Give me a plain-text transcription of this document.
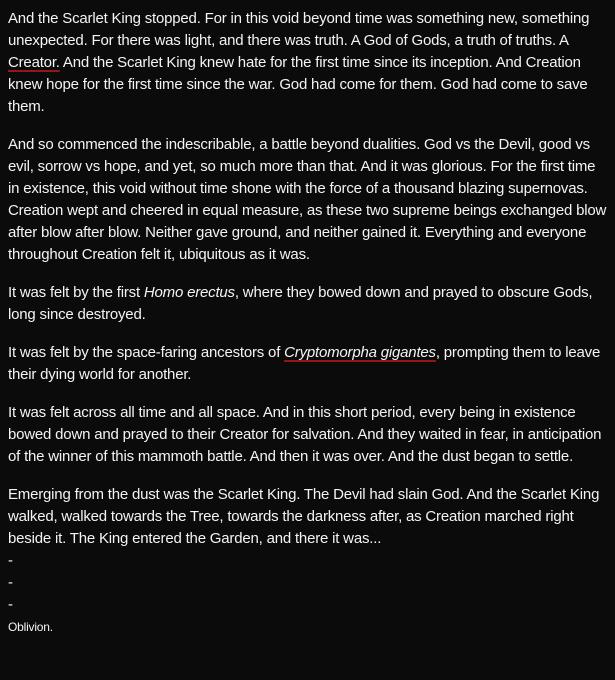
And the Scarlet King stopped. For in this void beyond time was something new, something unexpected. For there was light, and there was truth. A God of Gods, a truth of truths. A Creator. And the Scarlet King knew hate for the first time since its inception. And Creation knew hope for the first time since the war. God had come for them. God had come to save them.

And so commenced the indescribable, a battle beyond dualities. God vs the Devil, good vs evil, sorrow vs hope, and yet, so much more than that. And it was glorious. For the first time in existence, this void without time shone with the force of a thousand blazing supernovas. Creation wept and cheered in equal measure, as these two supreme beings exchanged blow after blow after blow. Neither gave ground, and neither gained it. Everything and everyone throughout Creation felt it, ubiquitous as it was.

It was felt by the first Homo erectus, where they bowed down and prayed to obscure Gods, long since destroyed.

It was felt by the space-faring ancestors of Cryptomorpha gigantes, prompting them to leave their dying world for another.

It was felt across all time and all space. And in this short period, every being in existence bowed down and prayed to their Creator for salvation. And they waited in fear, in anticipation of the winner of this mammoth battle. And then it was over. And the dust began to settle.

Emerging from the dust was the Scarlet King. The Devil had slain God. And the Scarlet King walked, walked towards the Tree, towards the darkness after, as Creation marched right beside it. The King entered the Garden, and there it was...

-
-
-
Oblivion.
